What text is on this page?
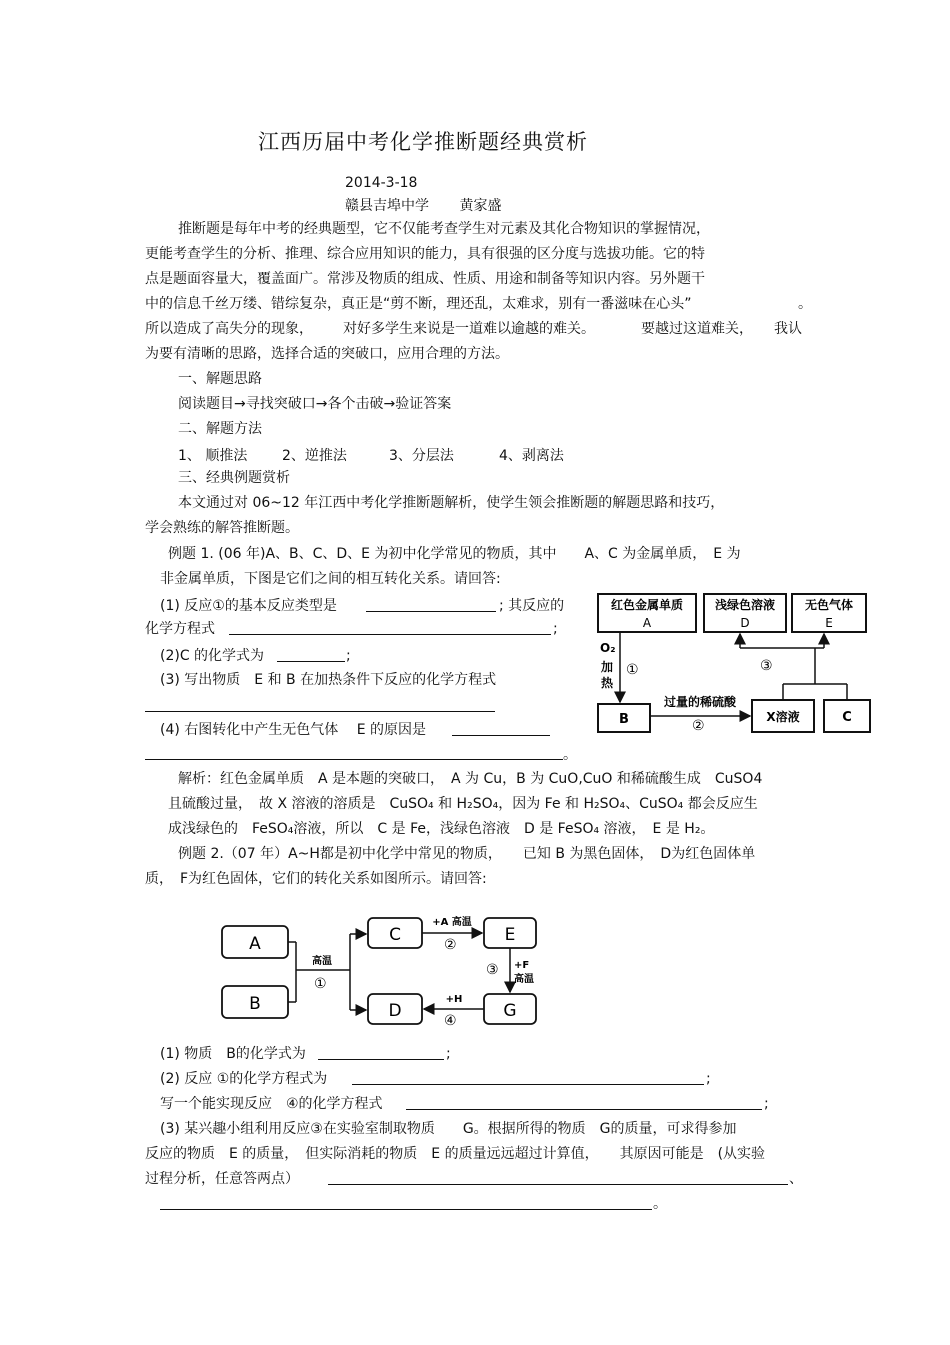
江西历届中考化学推断题经典赏析
2014-3-18
赣县吉埠中学 黄家盛
推断题是每年中考的经典题型，它不仅能考查学生对元素及其化合物知识的掌握情况，
更能考查学生的分析、推理、综合应用知识的能力，具有很强的区分度与选拔功能。它的特
点是题面容量大，覆盖面广。常涉及物质的组成、性质、用途和制备等知识内容。另外题干
中的信息千丝万缕、错综复杂，真正是“剪不断，理还乱，太难求，别有一番滋味在心头”	。
所以造成了高失分的现象， 对好多学生来说是一道难以逾越的难关。	要越过这道难关， 我认
为要有清晰的思路，选择合适的突破口，应用合理的方法。
一、解题思路
阅读题目→寻找突破口→各个击破→验证答案
二、解题方法
1、 顺推法 2、逆推法	3、分层法	4、剥离法
三、经典例题赏析
本文通过对 06~12 年江西中考化学推断题解析，使学生领会推断题的解题思路和技巧，
学会熟练的解答推断题。
例题 1. (06 年)A、B、C、D、E 为初中化学常见的物质，其中　　A、C 为金属单质，　E 为
非金属单质，下图是它们之间的相互转化关系。请回答:
(1) 反应①的基本反应类型是	; 其反应的
化学方程式	;
(2)C 的化学式为	;
(3) 写出物质　E 和 B 在加热条件下反应的化学方程式
(4) 右图转化中产生无色气体　 E 的原因是
。
红色金属单质
A
浅绿色溶液
D
无色气体
E
O₂
①
加
热
B
过量的稀硫酸
②
X溶液	C
③
解析：红色金属单质　A 是本题的突破口，　A 为 Cu，B 为 CuO,CuO 和稀硫酸生成　CuSO4
且硫酸过量，　故 X 溶液的溶质是　CuSO₄ 和 H₂SO₄，因为 Fe 和 H₂SO₄、CuSO₄ 都会反应生
成浅绿色的　FeSO₄溶液，所以　C 是 Fe，浅绿色溶液　D 是 FeSO₄ 溶液，　E 是 H₂。
例题 2.（07 年）A~H都是初中化学中常见的物质，　　已知 B 为黑色固体，　D为红色固体单
质，　F为红色固体，它们的转化关系如图所示。请回答:
A
B
高温
①
C
D
E
G
+A 高温
②
③ +F
高温
+H
④
(1) 物质　B的化学式为	;
(2) 反应 ①的化学方程式为	;
写一个能实现反应　④的化学方程式	;
(3) 某兴趣小组利用反应③在实验室制取物质　　G。根据所得的物质　G的质量，可求得参加
反应的物质　E 的质量，　但实际消耗的物质　E 的质量远远超过计算值，　　其原因可能是　(从实验
过程分析，任意答两点）	、
。
